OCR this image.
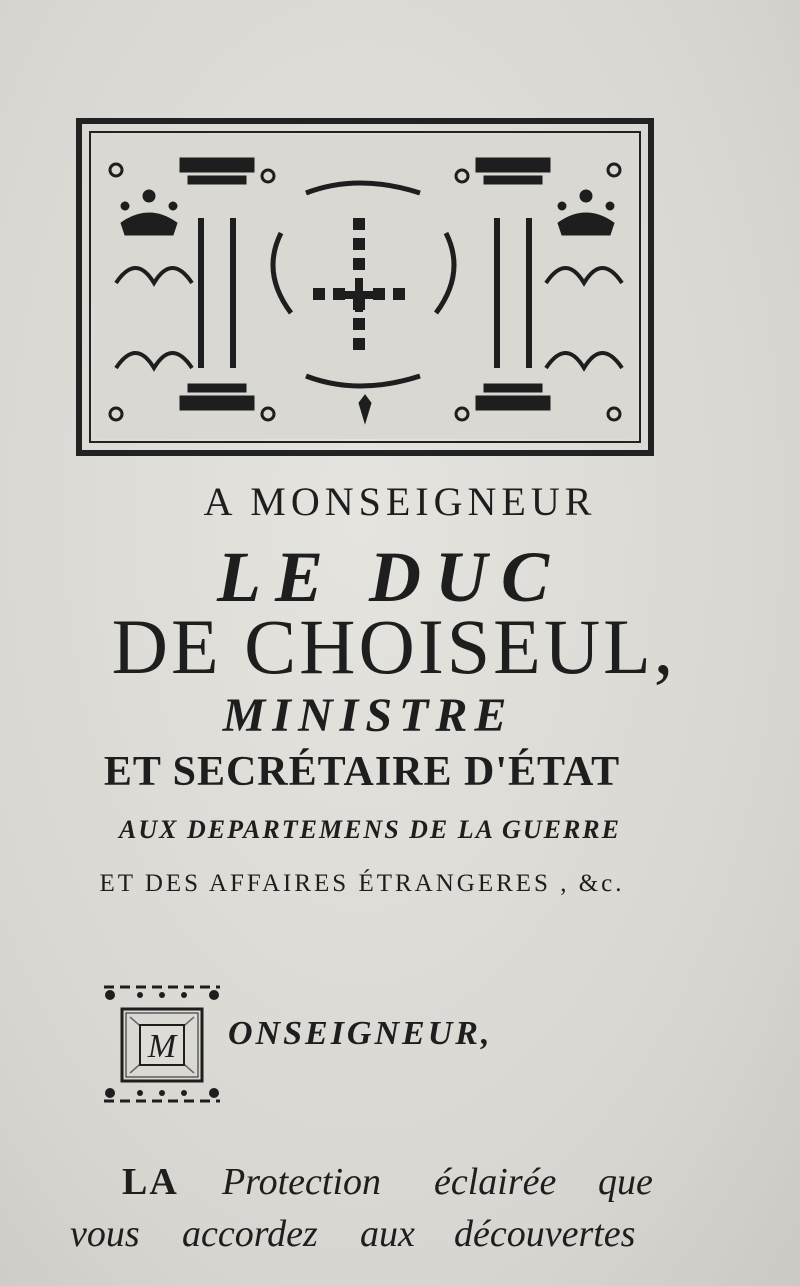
A MONSEIGNEUR
LE DUC
DE CHOISEUL,
MINISTRE
ET SECRÉTAIRE D'ÉTAT
AUX DEPARTEMENS DE LA GUERRE
ET DES AFFAIRES ÉTRANGERES , &c.
M ONSEIGNEUR,
LA Protection éclairée que
vous accordez aux découvertes
